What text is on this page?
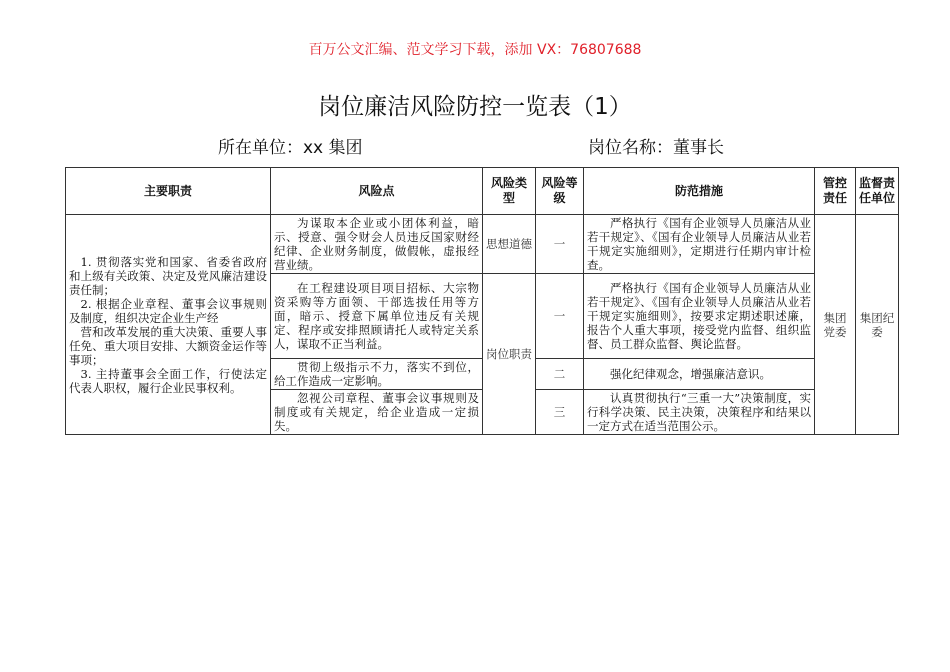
百万公文汇编、范文学习下载，添加 VX：76807688
岗位廉洁风险防控一览表（1）
所在单位：xx 集团	岗位名称：董事长
主要职责	风险点	风险类型	风险等级	防范措施	管控责任	监督责任单位

1. 贯彻落实党和国家、省委省政府和上级有关政策、决定及党风廉洁建设责任制；

2. 根据企业章程、董事会议事规则及制度，组织决定企业生产经

营和改革发展的重大决策、重要人事任免、重大项目安排、大额资金运作等事项；

3. 主持董事会全面工作，行使法定代表人职权，履行企业民事权利。	为谋取本企业或小团体利益，暗示、授意、强令财会人员违反国家财经纪律、企业财务制度，做假帐，虚报经营业绩。	思想道德	一	严格执行《国有企业领导人员廉洁从业若干规定》、《国有企业领导人员廉洁从业若干规定实施细则》，定期进行任期内审计检查。	集团党委	集团纪委
	在工程建设项目项目招标、大宗物资采购等方面领、干部选拔任用等方面，暗示、授意下属单位违反有关规定、程序或安排照顾请托人或特定关系人，谋取不正当利益。	岗位职责	一	严格执行《国有企业领导人员廉洁从业若干规定》、《国有企业领导人员廉洁从业若干规定实施细则》，按要求定期述职述廉，报告个人重大事项，接受党内监督、组织监督、员工群众监督、舆论监督。		
	贯彻上级指示不力，落实不到位，给工作造成一定影响。		二	强化纪律观念，增强廉洁意识。		
	忽视公司章程、董事会议事规则及制度或有关规定，给企业造成一定损失。		三	认真贯彻执行“三重一大”决策制度，实行科学决策、民主决策，决策程序和结果以一定方式在适当范围公示。		
